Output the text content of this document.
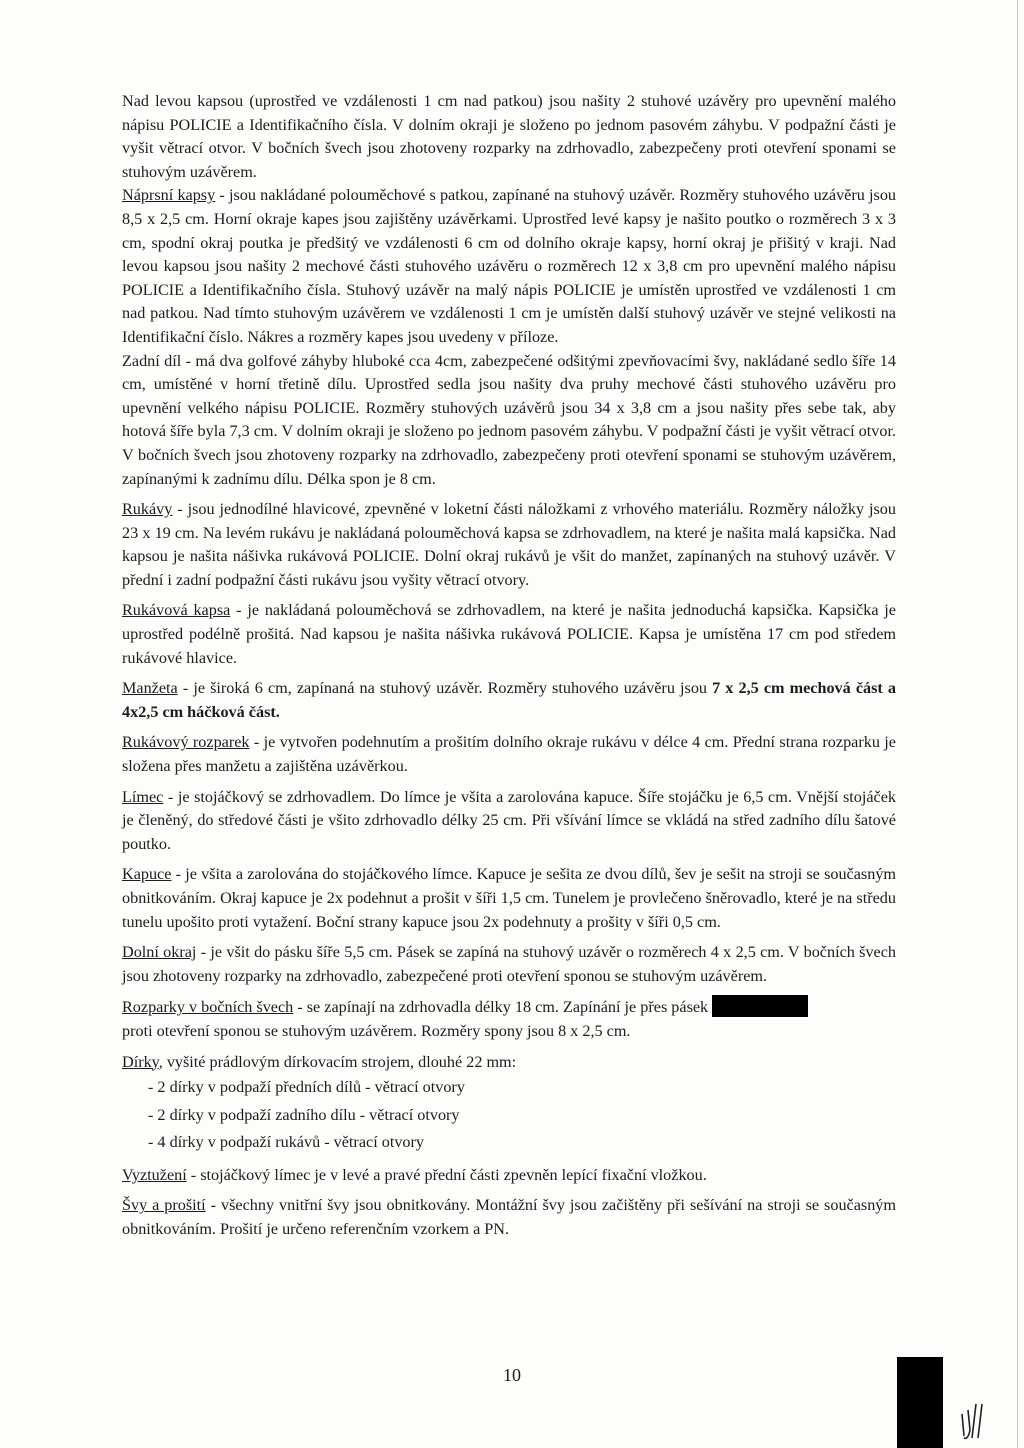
Nad levou kapsou (uprostřed ve vzdálenosti 1 cm nad patkou) jsou našity 2 stuhové uzávěry pro upevnění malého nápisu POLICIE a Identifikačního čísla. V dolním okraji je složeno po jednom pasovém záhybu. V podpažní části je vyšit větrací otvor. V bočních švech jsou zhotoveny rozparky na zdrhovadlo, zabezpečeny proti otevření sponami se stuhovým uzávěrem.

Náprsní kapsy - jsou nakládané polouměchové s patkou, zapínané na stuhový uzávěr. Rozměry stuhového uzávěru jsou 8,5 x 2,5 cm. Horní okraje kapes jsou zajištěny uzávěrkami. Uprostřed levé kapsy je našito poutko o rozměrech 3 x 3 cm, spodní okraj poutka je předšitý ve vzdálenosti 6 cm od dolního okraje kapsy, horní okraj je přišitý v kraji. Nad levou kapsou jsou našity 2 mechové části stuhového uzávěru o rozměrech 12 x 3,8 cm pro upevnění malého nápisu POLICIE a Identifikačního čísla. Stuhový uzávěr na malý nápis POLICIE je umístěn uprostřed ve vzdálenosti 1 cm nad patkou. Nad tímto stuhovým uzávěrem ve vzdálenosti 1 cm je umístěn další stuhový uzávěr ve stejné velikosti na Identifikační číslo. Nákres a rozměry kapes jsou uvedeny v příloze.

Zadní díl - má dva golfové záhyby hluboké cca 4cm, zabezpečené odšitými zpevňovacími švy, nakládané sedlo šíře 14 cm, umístěné v horní třetině dílu. Uprostřed sedla jsou našity dva pruhy mechové části stuhového uzávěru pro upevnění velkého nápisu POLICIE. Rozměry stuhových uzávěrů jsou 34 x 3,8 cm a jsou našity přes sebe tak, aby hotová šíře byla 7,3 cm. V dolním okraji je složeno po jednom pasovém záhybu. V podpažní části je vyšit větrací otvor. V bočních švech jsou zhotoveny rozparky na zdrhovadlo, zabezpečeny proti otevření sponami se stuhovým uzávěrem, zapínanými k zadnímu dílu. Délka spon je 8 cm.

Rukávy - jsou jednodílné hlavicové, zpevněné v loketní části náložkami z vrhového materiálu. Rozměry náložky jsou 23 x 19 cm. Na levém rukávu je nakládaná polouměchová kapsa se zdrhovadlem, na které je našita malá kapsička. Nad kapsou je našita nášivka rukávová POLICIE. Dolní okraj rukávů je všit do manžet, zapínaných na stuhový uzávěr. V přední i zadní podpažní části rukávu jsou vyšity větrací otvory.

Rukávová kapsa - je nakládaná polouměchová se zdrhovadlem, na které je našita jednoduchá kapsička. Kapsička je uprostřed podélně prošitá. Nad kapsou je našita nášivka rukávová POLICIE. Kapsa je umístěna 17 cm pod středem rukávové hlavice.

Manžeta - je široká 6 cm, zapínaná na stuhový uzávěr. Rozměry stuhového uzávěru jsou 7 x 2,5 cm mechová část a 4x2,5 cm háčková část.

Rukávový rozparek - je vytvořen podehnutím a prošitím dolního okraje rukávu v délce 4 cm. Přední strana rozparku je složena přes manžetu a zajištěna uzávěrkou.

Límec - je stojáčkový se zdrhovadlem. Do límce je všita a zarolována kapuce. Šíře stojáčku je 6,5 cm. Vnější stojáček je členěný, do středové části je všito zdrhovadlo délky 25 cm. Při všívání límce se vkládá na střed zadního dílu šatové poutko.

Kapuce - je všita a zarolována do stojáčkového límce. Kapuce je sešita ze dvou dílů, šev je sešit na stroji se současným obnitkováním. Okraj kapuce je 2x podehnut a prošit v šíři 1,5 cm. Tunelem je provlečeno šněrovadlo, které je na středu tunelu upošito proti vytažení. Boční strany kapuce jsou 2x podehnuty a prošity v šíři 0,5 cm.

Dolní okraj - je všit do pásku šíře 5,5 cm. Pásek se zapíná na stuhový uzávěr o rozměrech 4 x 2,5 cm. V bočních švech jsou zhotoveny rozparky na zdrhovadlo, zabezpečené proti otevření sponou se stuhovým uzávěrem.

Rozparky v bočních švech - se zapínají na zdrhovadla délky 18 cm. Zapínání je přes pásek
proti otevření sponou se stuhovým uzávěrem. Rozměry spony jsou 8 x 2,5 cm.

Dírky, vyšité prádlovým dírkovacím strojem, dlouhé 22 mm:

- 2 dírky v podpaží předních dílů - větrací otvory
- 2 dírky v podpaží zadního dílu - větrací otvory
- 4 dírky v podpaží rukávů - větrací otvory

Vyztužení - stojáčkový límec je v levé a pravé přední části zpevněn lepící fixační vložkou.

Švy a prošití - všechny vnitřní švy jsou obnitkovány. Montážní švy jsou začištěny při sešívání na stroji se současným obnitkováním. Prošití je určeno referenčním vzorkem a PN.

10
